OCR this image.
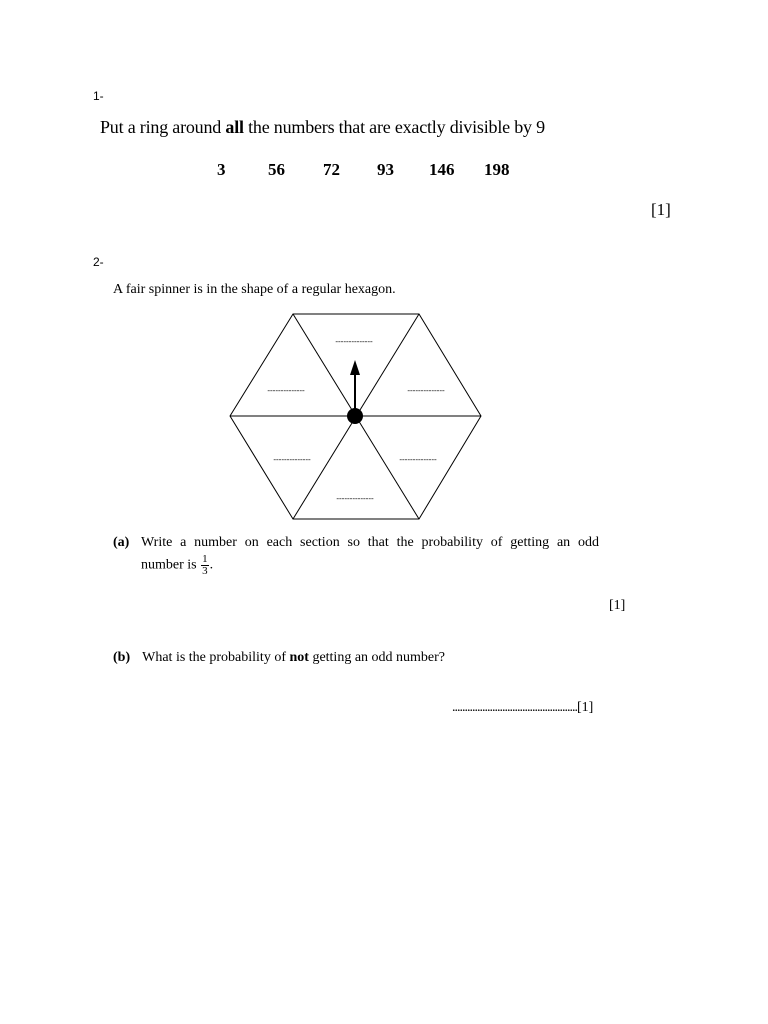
1-
Put a ring around all the numbers that are exactly divisible by 9
3	56 72 93 146 198
[1]
2-
A fair spinner is in the shape of a regular hexagon.
--------------
--------------	--------------
--------------	--------------
--------------
(a) Write a number on each section so that the probability of getting an odd
number is $\frac{1}{3}$ .
[1]
(b) What is the probability of not getting an odd number?
..................................................[1]
